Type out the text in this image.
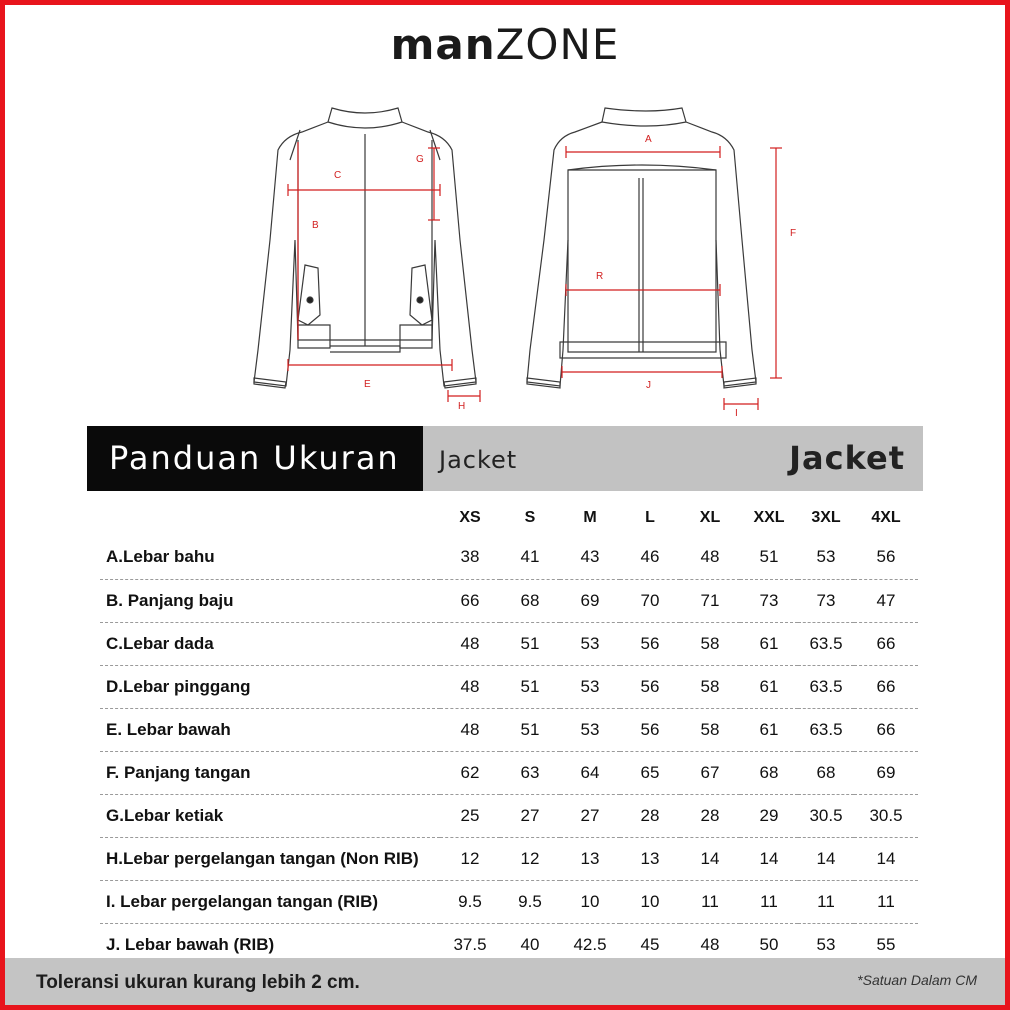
manZONE
C
G
B
E
H
A
R
F
J
I
Panduan Ukuran	Jacket	Jacket
	XS	S	M	L	XL	XXL	3XL	4XL
A.Lebar bahu	38	41	43	46	48	51	53	56
B. Panjang baju	66	68	69	70	71	73	73	47
C.Lebar dada	48	51	53	56	58	61	63.5	66
D.Lebar pinggang	48	51	53	56	58	61	63.5	66
E. Lebar bawah	48	51	53	56	58	61	63.5	66
F. Panjang tangan	62	63	64	65	67	68	68	69
G.Lebar ketiak	25	27	27	28	28	29	30.5	30.5
H.Lebar pergelangan tangan (Non RIB)	12	12	13	13	14	14	14	14
I. Lebar pergelangan tangan (RIB)	9.5	9.5	10	10	11	11	11	11
J. Lebar bawah (RIB)	37.5	40	42.5	45	48	50	53	55
Toleransi ukuran kurang lebih 2 cm.	*Satuan Dalam CM
